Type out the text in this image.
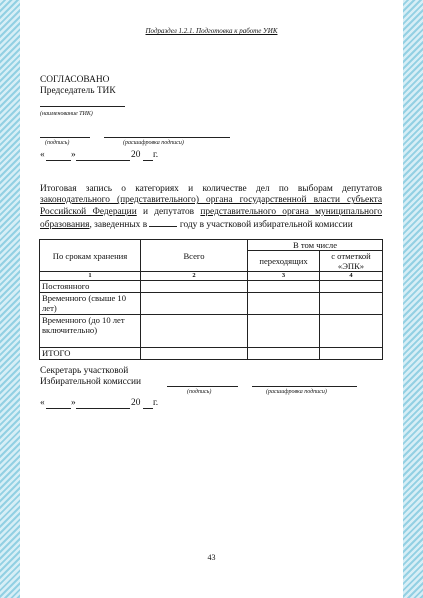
Подраздел 1.2.1. Подготовка к работе УИК
СОГЛАСОВАНО
Председатель ТИК
(наименование ТИК)
(подпись)	(расшифровка подписи)
«	»	20 г.
Итоговая запись о категориях и количестве дел по выборам депутатов законодательного (представительного) органа государственной власти субъекта Российской Федерации и депутатов представительного органа муниципального образования, заведенных в	году в участковой избирательной комиссии
По срокам хранения	Всего	В том числе	
		переходящих	с отметкой «ЭПК»
1	2	3	4
Постоянного			
Временного (свыше 10 лет)			
Временного (до 10 лет включительно)			
ИТОГО			
Секретарь участковой
Избирательной комиссии
(подпись)	(расшифровка подписи)
«	»	20 г.
43
